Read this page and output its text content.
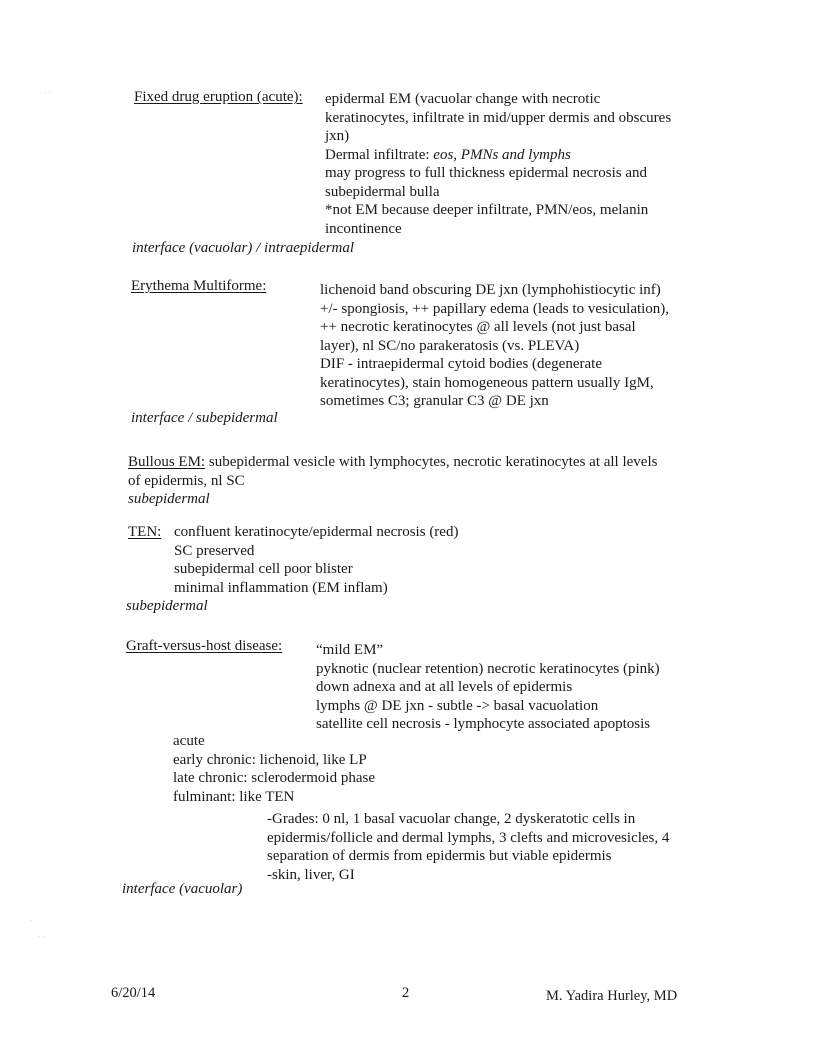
· · ·
·
· ·
Fixed drug eruption (acute): epidermal EM (vacuolar change with necrotic
keratinocytes, infiltrate in mid/upper dermis and obscures
jxn)
Dermal infiltrate: eos, PMNs and lymphs
may progress to full thickness epidermal necrosis and
subepidermal bulla
*not EM because deeper infiltrate, PMN/eos, melanin
incontinence
interface (vacuolar) / intraepidermal
Erythema Multiforme:	lichenoid band obscuring DE jxn (lymphohistiocytic inf)
+/- spongiosis, ++ papillary edema (leads to vesiculation),
++ necrotic keratinocytes @ all levels (not just basal
layer), nl SC/no parakeratosis (vs. PLEVA)
DIF - intraepidermal cytoid bodies (degenerate
keratinocytes), stain homogeneous pattern usually IgM,
sometimes C3; granular C3 @ DE jxn
interface / subepidermal
Bullous EM: subepidermal vesicle with lymphocytes, necrotic keratinocytes at all levels
of epidermis, nl SC
subepidermal
TEN: confluent keratinocyte/epidermal necrosis (red)
SC preserved
subepidermal cell poor blister
minimal inflammation (EM inflam)
subepidermal
Graft-versus-host disease: “mild EM”
pyknotic (nuclear retention) necrotic keratinocytes (pink)
down adnexa and at all levels of epidermis
lymphs @ DE jxn - subtle -> basal vacuolation
satellite cell necrosis - lymphocyte associated apoptosis
acute
early chronic: lichenoid, like LP
late chronic: sclerodermoid phase
fulminant: like TEN
-Grades: 0 nl, 1 basal vacuolar change, 2 dyskeratotic cells in
epidermis/follicle and dermal lymphs, 3 clefts and microvesicles, 4
separation of dermis from epidermis but viable epidermis
-skin, liver, GI
interface (vacuolar)
6/20/14	2	M. Yadira Hurley, MD
